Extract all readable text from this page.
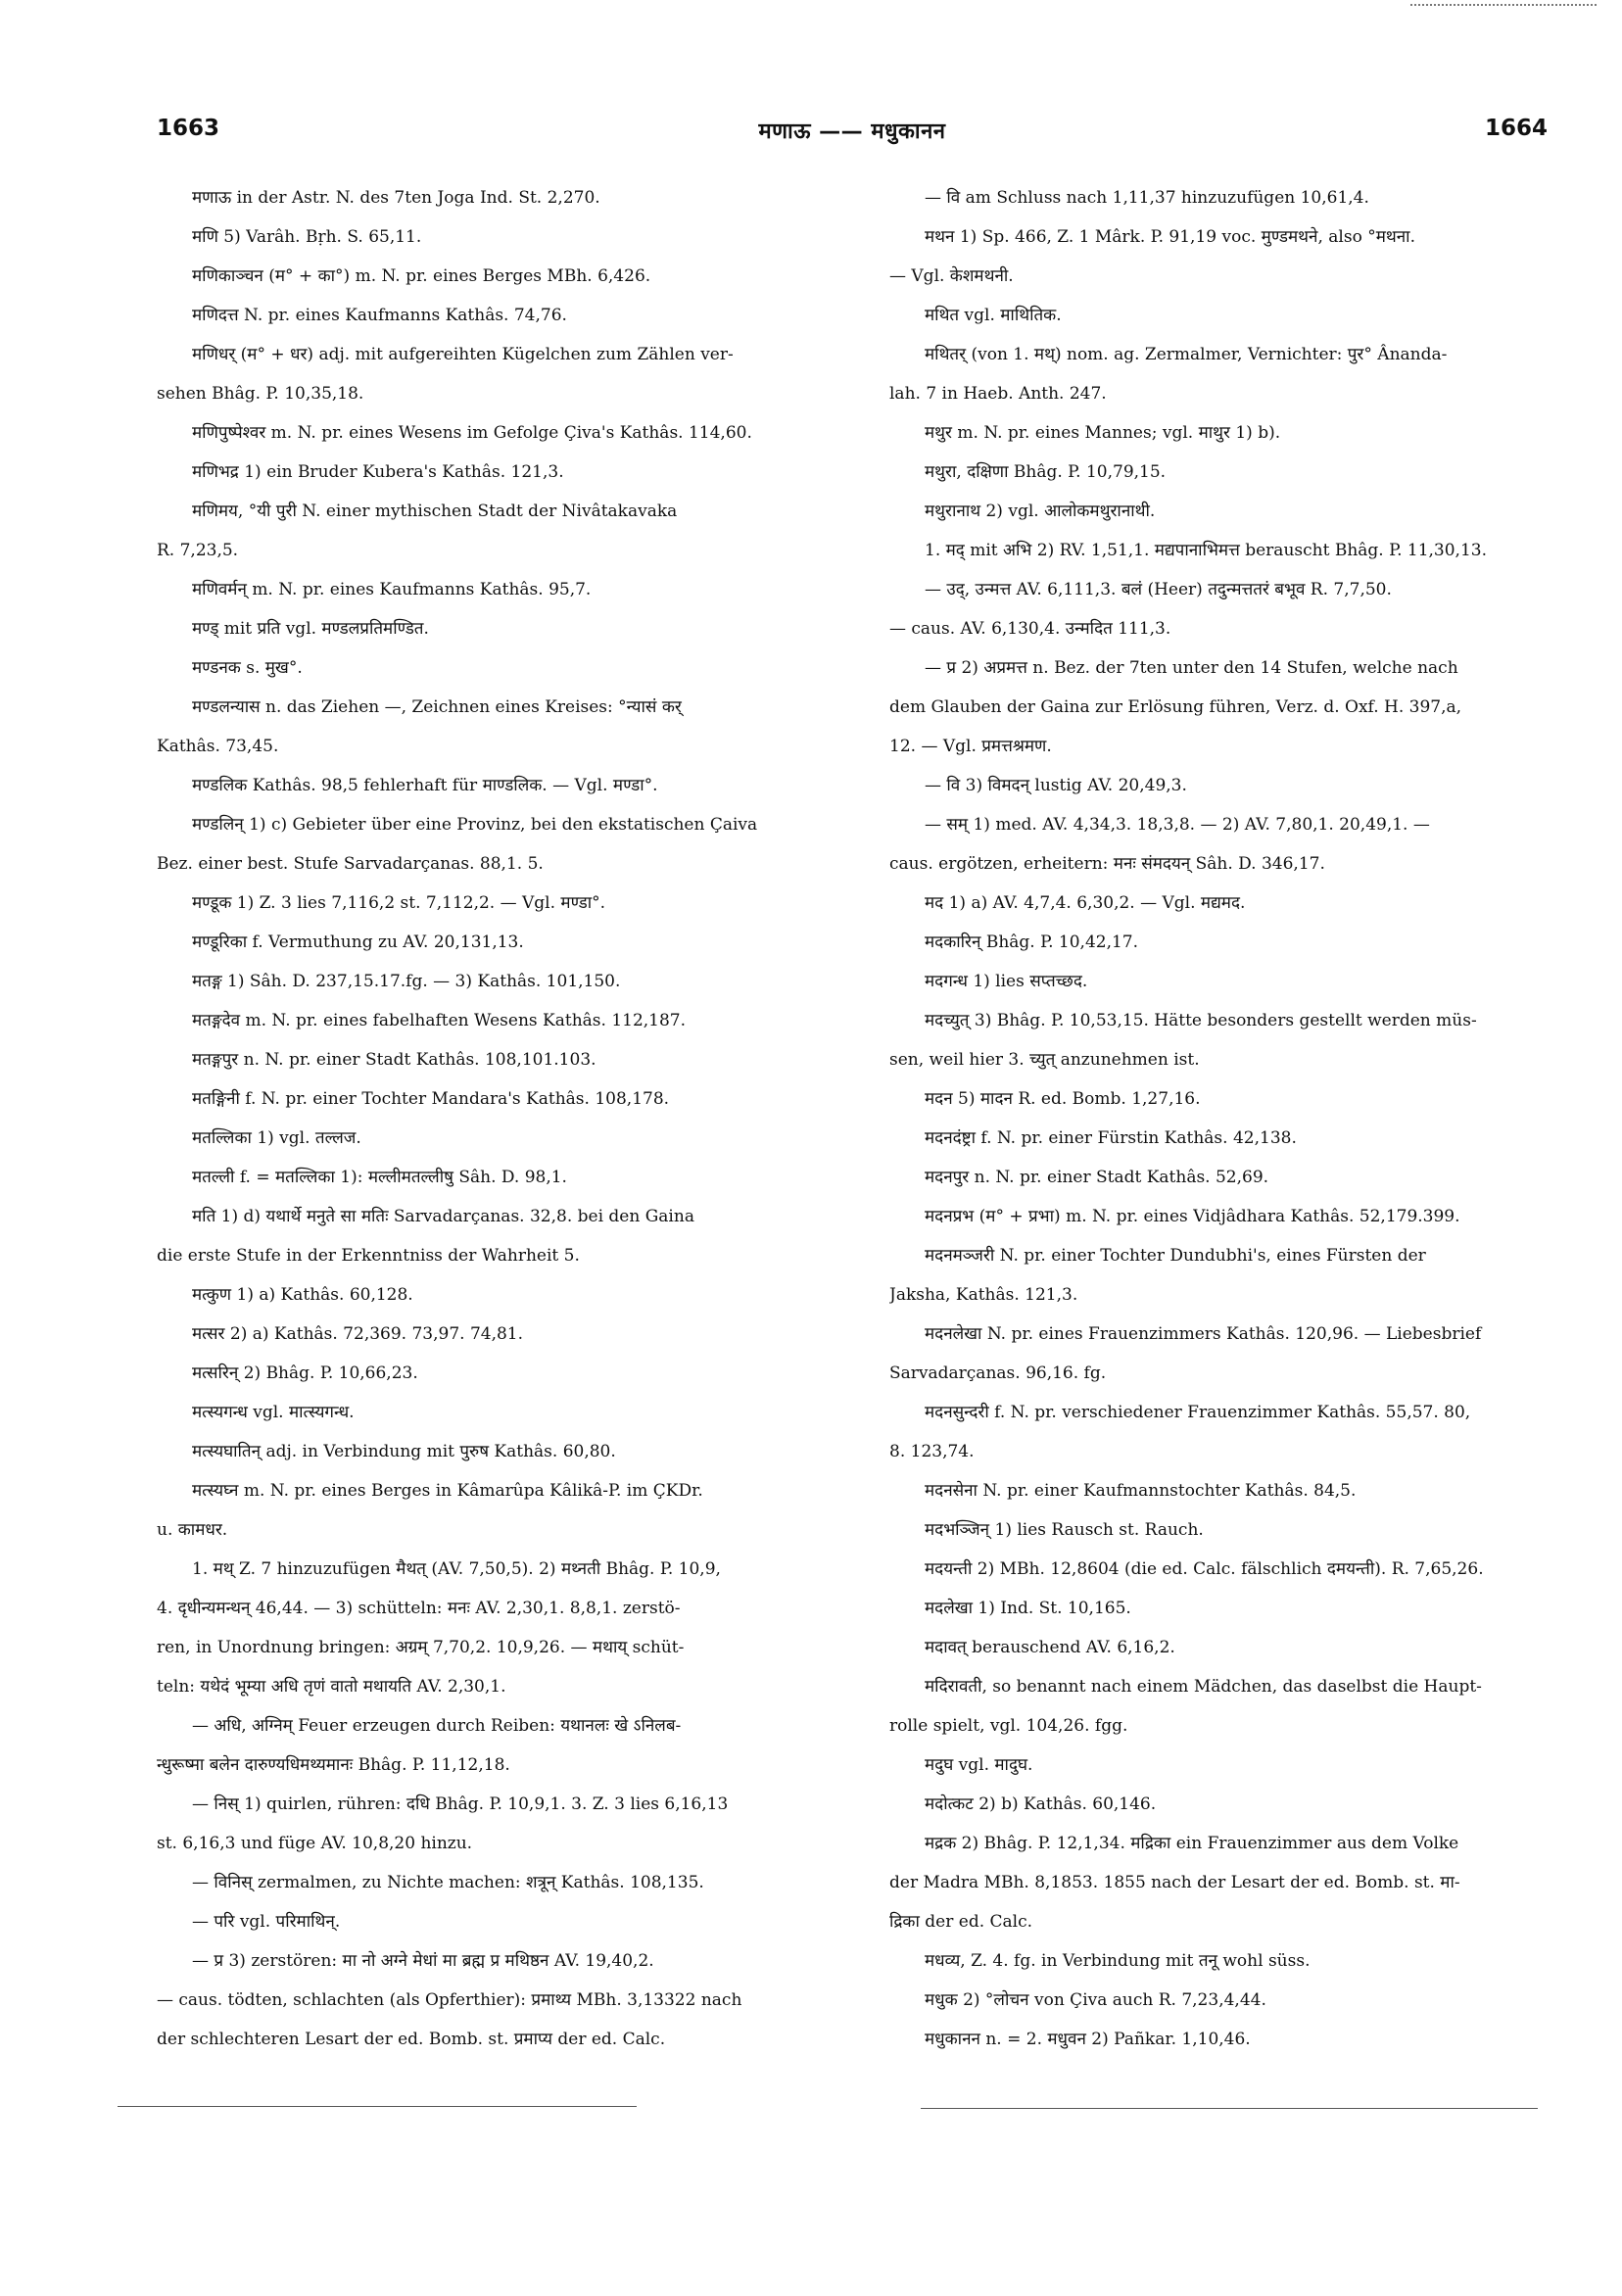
1663	मणाऊ —— मधुकानन	1664
मणाऊ in der Astr. N. des 7ten Joga Ind. St. 2,270.
मणि 5) Varâh. Bṛh. S. 65,11.
मणिकाञ्चन (म° + का°) m. N. pr. eines Berges MBh. 6,426.
मणिदत्त N. pr. eines Kaufmanns Kathâs. 74,76.
मणिधर् (म° + धर) adj. mit aufgereihten Kügelchen zum Zählen ver-
sehen Bhâg. P. 10,35,18.
मणिपुष्पेश्वर m. N. pr. eines Wesens im Gefolge Çiva's Kathâs. 114,60.
मणिभद्र 1) ein Bruder Kubera's Kathâs. 121,3.
मणिमय, °यी पुरी N. einer mythischen Stadt der Nivâtakavaka
R. 7,23,5.
मणिवर्मन् m. N. pr. eines Kaufmanns Kathâs. 95,7.
मण्ड् mit प्रति vgl. मण्डलप्रतिमण्डित.
मण्डनक s. मुख°.
मण्डलन्यास n. das Ziehen —, Zeichnen eines Kreises: °न्यासं कर्
Kathâs. 73,45.
मण्डलिक Kathâs. 98,5 fehlerhaft für माण्डलिक. — Vgl. मण्डा°.
मण्डलिन् 1) c) Gebieter über eine Provinz, bei den ekstatischen Çaiva
Bez. einer best. Stufe Sarvadarçanas. 88,1. 5.
मण्डूक 1) Z. 3 lies 7,116,2 st. 7,112,2. — Vgl. मण्डा°.
मण्डूरिका f. Vermuthung zu AV. 20,131,13.
मतङ्ग 1) Sâh. D. 237,15.17.fg. — 3) Kathâs. 101,150.
मतङ्गदेव m. N. pr. eines fabelhaften Wesens Kathâs. 112,187.
मतङ्गपुर n. N. pr. einer Stadt Kathâs. 108,101.103.
मतङ्गिनी f. N. pr. einer Tochter Mandara's Kathâs. 108,178.
मतल्लिका 1) vgl. तल्लज.
मतल्ली f. = मतल्लिका 1): मल्लीमतल्लीषु Sâh. D. 98,1.
मति 1) d) यथार्थे मनुते सा मतिः Sarvadarçanas. 32,8. bei den Gaina
die erste Stufe in der Erkenntniss der Wahrheit 5.
मत्कुण 1) a) Kathâs. 60,128.
मत्सर 2) a) Kathâs. 72,369. 73,97. 74,81.
मत्सरिन् 2) Bhâg. P. 10,66,23.
मत्स्यगन्ध vgl. मात्स्यगन्ध.
मत्स्यघातिन् adj. in Verbindung mit पुरुष Kathâs. 60,80.
मत्स्यघ्न m. N. pr. eines Berges in Kâmarûpa Kâlikâ-P. im ÇKDr.
u. कामधर.
1. मथ् Z. 7 hinzuzufügen मैथत् (AV. 7,50,5). 2) मथ्नती Bhâg. P. 10,9,
4. दृधीन्यमन्थन् 46,44. — 3) schütteln: मनः AV. 2,30,1. 8,8,1. zerstö-
ren, in Unordnung bringen: अग्रम् 7,70,2. 10,9,26. — मथाय् schüt-
teln: यथेदं भूम्या अधि तृणं वातो मथायति AV. 2,30,1.
— अधि, अग्निम् Feuer erzeugen durch Reiben: यथानलः खे ऽनिलब-
न्धुरूष्मा बलेन दारुण्यधिमथ्यमानः Bhâg. P. 11,12,18.
— निस् 1) quirlen, rühren: दधि Bhâg. P. 10,9,1. 3. Z. 3 lies 6,16,13
st. 6,16,3 und füge AV. 10,8,20 hinzu.
— विनिस् zermalmen, zu Nichte machen: शत्रून् Kathâs. 108,135.
— परि vgl. परिमाथिन्.
— प्र 3) zerstören: मा नो अग्ने मेधां मा ब्रह्म प्र मथिष्ठन AV. 19,40,2.
— caus. tödten, schlachten (als Opferthier): प्रमाथ्य MBh. 3,13322 nach
der schlechteren Lesart der ed. Bomb. st. प्रमाप्य der ed. Calc.
— वि am Schluss nach 1,11,37 hinzuzufügen 10,61,4.
मथन 1) Sp. 466, Z. 1 Mârk. P. 91,19 voc. मुण्डमथने, also °मथना.
— Vgl. केशमथनी.
मथित vgl. माथितिक.
मथितर् (von 1. मथ्) nom. ag. Zermalmer, Vernichter: पुर° Ânanda-
lah. 7 in Haeb. Anth. 247.
मथुर m. N. pr. eines Mannes; vgl. माथुर 1) b).
मथुरा, दक्षिणा Bhâg. P. 10,79,15.
मथुरानाथ 2) vgl. आलोकमथुरानाथी.
1. मद् mit अभि 2) RV. 1,51,1. मद्यपानाभिमत्त berauscht Bhâg. P. 11,30,13.
— उद्, उन्मत्त AV. 6,111,3. बलं (Heer) तदुन्मत्ततरं बभूव R. 7,7,50.
— caus. AV. 6,130,4. उन्मदित 111,3.
— प्र 2) अप्रमत्त n. Bez. der 7ten unter den 14 Stufen, welche nach
dem Glauben der Gaina zur Erlösung führen, Verz. d. Oxf. H. 397,a,
12. — Vgl. प्रमत्तश्रमण.
— वि 3) विमदन् lustig AV. 20,49,3.
— सम् 1) med. AV. 4,34,3. 18,3,8. — 2) AV. 7,80,1. 20,49,1. —
caus. ergötzen, erheitern: मनः संमदयन् Sâh. D. 346,17.
मद 1) a) AV. 4,7,4. 6,30,2. — Vgl. मद्यमद.
मदकारिन् Bhâg. P. 10,42,17.
मदगन्ध 1) lies सप्तच्छद.
मदच्युत् 3) Bhâg. P. 10,53,15. Hätte besonders gestellt werden müs-
sen, weil hier 3. च्युत् anzunehmen ist.
मदन 5) मादन R. ed. Bomb. 1,27,16.
मदनदंष्ट्रा f. N. pr. einer Fürstin Kathâs. 42,138.
मदनपुर n. N. pr. einer Stadt Kathâs. 52,69.
मदनप्रभ (म° + प्रभा) m. N. pr. eines Vidjâdhara Kathâs. 52,179.399.
मदनमञ्जरी N. pr. einer Tochter Dundubhi's, eines Fürsten der
Jaksha, Kathâs. 121,3.
मदनलेखा N. pr. eines Frauenzimmers Kathâs. 120,96. — Liebesbrief
Sarvadarçanas. 96,16. fg.
मदनसुन्दरी f. N. pr. verschiedener Frauenzimmer Kathâs. 55,57. 80,
8. 123,74.
मदनसेना N. pr. einer Kaufmannstochter Kathâs. 84,5.
मदभञ्जिन् 1) lies Rausch st. Rauch.
मदयन्ती 2) MBh. 12,8604 (die ed. Calc. fälschlich दमयन्ती). R. 7,65,26.
मदलेखा 1) Ind. St. 10,165.
मदावत् berauschend AV. 6,16,2.
मदिरावती, so benannt nach einem Mädchen, das daselbst die Haupt-
rolle spielt, vgl. 104,26. fgg.
मदुघ vgl. मादुघ.
मदोत्कट 2) b) Kathâs. 60,146.
मद्रक 2) Bhâg. P. 12,1,34. मद्रिका ein Frauenzimmer aus dem Volke
der Madra MBh. 8,1853. 1855 nach der Lesart der ed. Bomb. st. मा-
द्रिका der ed. Calc.
मधव्य, Z. 4. fg. in Verbindung mit तनू wohl süss.
मधुक 2) °लोचन von Çiva auch R. 7,23,4,44.
मधुकानन n. = 2. मधुवन 2) Pañkar. 1,10,46.
